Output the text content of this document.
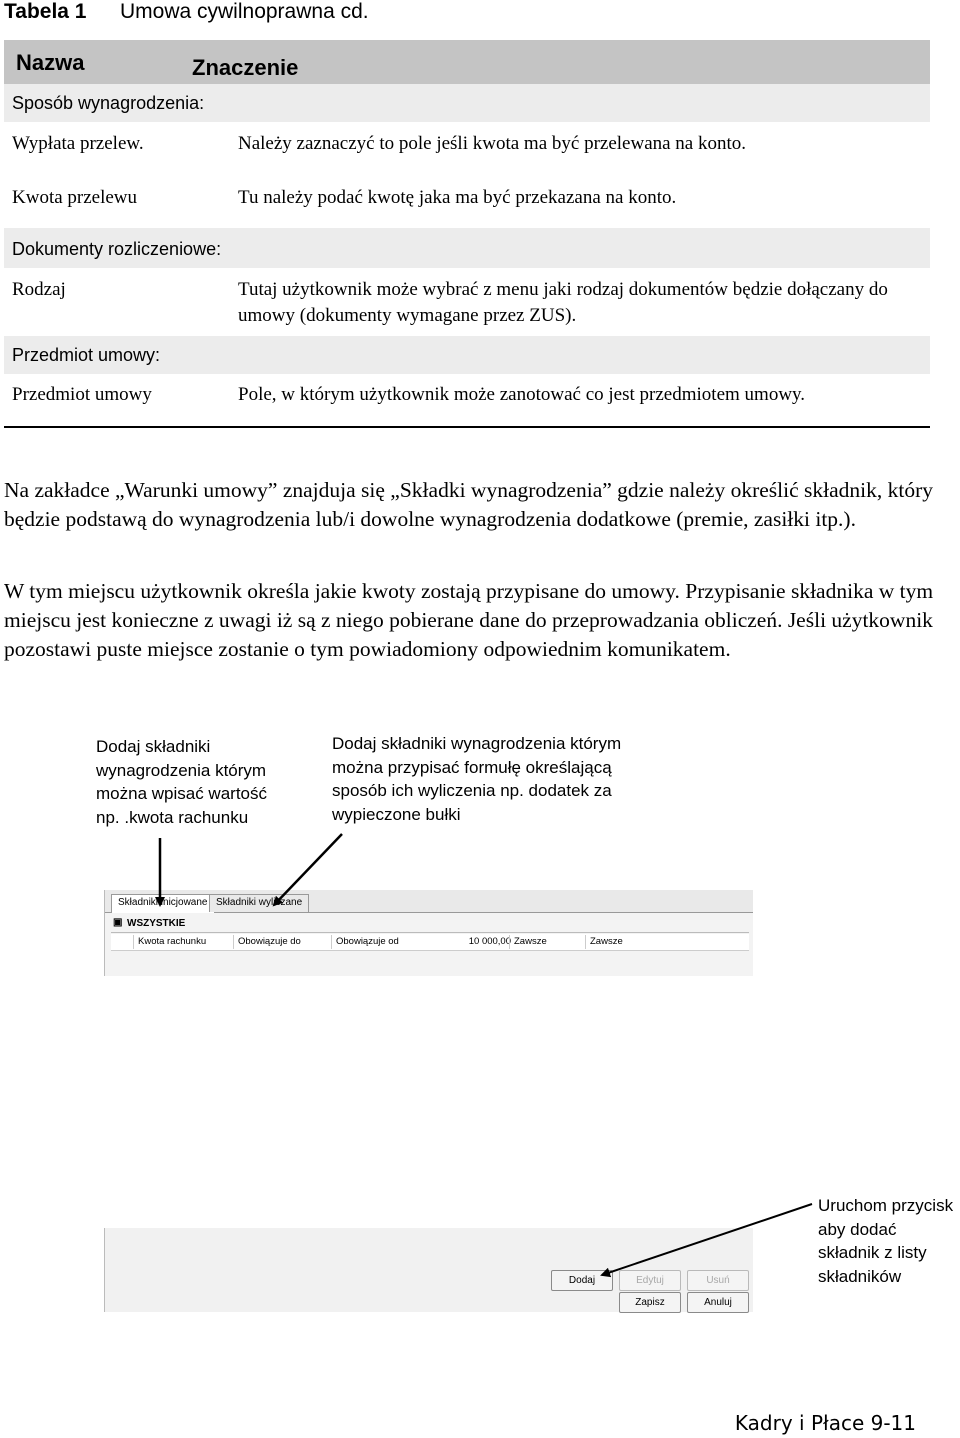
Tabela 1 Umowa cywilnoprawna cd.
Nazwa	Znaczenie
Sposób wynagrodzenia:
Wypłata przelew.	Należy zaznaczyć to pole jeśli kwota ma być przelewana na konto.
Kwota przelewu	Tu należy podać kwotę jaka ma być przekazana na konto.
Dokumenty rozliczeniowe:
Rodzaj	Tutaj użytkownik może wybrać z menu jaki rodzaj dokumentów będzie dołączany do umowy (dokumenty wymagane przez ZUS).
Przedmiot umowy:
Przedmiot umowy	Pole, w którym użytkownik może zanotować co jest przedmiotem umowy.
Na zakładce „Warunki umowy” znajduja się „Składki wynagrodzenia” gdzie należy określić składnik, który będzie podstawą do wynagrodzenia lub/i dowolne wynagrodzenia dodatkowe (premie, zasiłki itp.).
W tym miejscu użytkownik określa jakie kwoty zostają przypisane do umowy. Przypisanie składnika w tym miejscu jest konieczne z uwagi iż są z niego pobierane dane do przeprowadzania obliczeń. Jeśli użytkownik pozostawi puste miejsce zostanie o tym powiadomiony odpowiednim komunikatem.
Dodaj składniki wynagrodzenia którym można wpisać wartość np. .kwota rachunku
Dodaj składniki wynagrodzenia którym można przypisać formułę określającą sposób ich wyliczenia np. dodatek za wypieczone bułki
Uruchom przycisk aby dodać składnik z listy składników
Składniki inicjowane Składniki wyliczane
▣ WSZYSTKIE
Kwota rachunku	Obowiązuje do	Obowiązuje od	10 000,00 Zawsze	Zawsze
Dodaj	Edytuj	Usuń
Zapisz	Anuluj
Kadry i Płace 9-11
